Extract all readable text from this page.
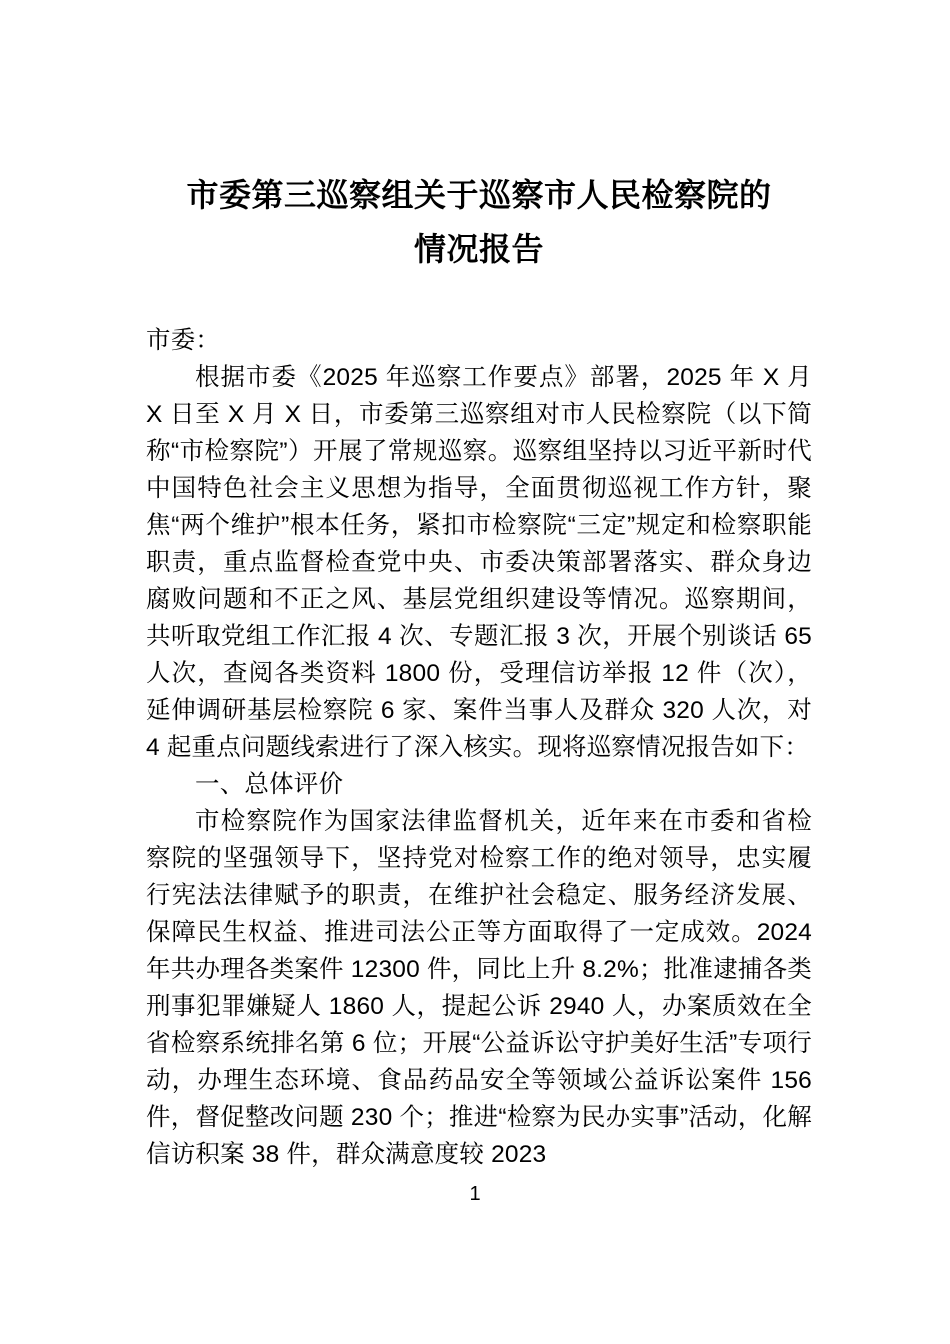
市委第三巡察组关于巡察市人民检察院的
情况报告

市委：

根据市委《2025 年巡察工作要点》部署，2025 年 X 月 X 日至 X 月 X 日，市委第三巡察组对市人民检察院（以下简称“市检察院”）开展了常规巡察。巡察组坚持以习近平新时代中国特色社会主义思想为指导，全面贯彻巡视工作方针，聚焦“两个维护”根本任务，紧扣市检察院“三定”规定和检察职能职责，重点监督检查党中央、市委决策部署落实、群众身边腐败问题和不正之风、基层党组织建设等情况。巡察期间，共听取党组工作汇报 4 次、专题汇报 3 次，开展个别谈话 65 人次，查阅各类资料 1800 份，受理信访举报 12 件（次），延伸调研基层检察院 6 家、案件当事人及群众 320 人次，对 4 起重点问题线索进行了深入核实。现将巡察情况报告如下：

一、总体评价

市检察院作为国家法律监督机关，近年来在市委和省检察院的坚强领导下，坚持党对检察工作的绝对领导，忠实履行宪法法律赋予的职责，在维护社会稳定、服务经济发展、保障民生权益、推进司法公正等方面取得了一定成效。2024 年共办理各类案件 12300 件，同比上升 8.2%；批准逮捕各类刑事犯罪嫌疑人 1860 人，提起公诉 2940 人，办案质效在全省检察系统排名第 6 位；开展“公益诉讼守护美好生活”专项行动，办理生态环境、食品药品安全等领域公益诉讼案件 156 件，督促整改问题 230 个；推进“检察为民办实事”活动，化解信访积案 38 件，群众满意度较 2023

1
